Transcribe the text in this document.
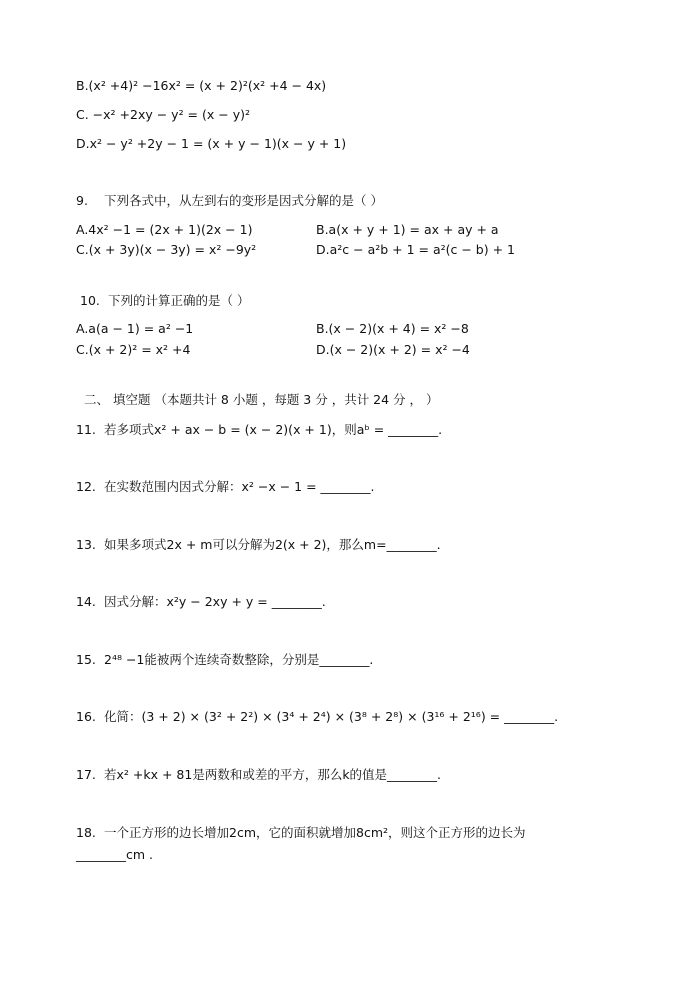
B.(x² +4)² −16x² = (x + 2)²(x² +4 − 4x)
C. −x² +2xy − y² = (x − y)²
D.x² − y² +2y − 1 = (x + y − 1)(x − y + 1)
9. 下列各式中，从左到右的变形是因式分解的是（ ）
A.4x² −1 = (2x + 1)(2x − 1)	B.a(x + y + 1) = ax + ay + a
C.(x + 3y)(x − 3y) = x² −9y²	D.a²c − a²b + 1 = a²(c − b) + 1
10. 下列的计算正确的是（ ）
A.a(a − 1) = a² −1	B.(x − 2)(x + 4) = x² −8
C.(x + 2)² = x² +4	D.(x − 2)(x + 2) = x² −4
二、 填空题 （本题共计 8 小题 ，每题 3 分 ，共计 24 分 ， ）
11. 若多项式x² + ax − b = (x − 2)(x + 1)，则aᵇ = ________.
12. 在实数范围内因式分解：x² −x − 1 = ________.
13. 如果多项式2x + m可以分解为2(x + 2)，那么m=________.
14. 因式分解：x²y − 2xy + y = ________.
15. 2⁴⁸ −1能被两个连续奇数整除，分别是________.
16. 化简：(3 + 2) × (3² + 2²) × (3⁴ + 2⁴) × (3⁸ + 2⁸) × (3¹⁶ + 2¹⁶) = ________.
17. 若x² +kx + 81是两数和或差的平方，那么k的值是________.
18. 一个正方形的边长增加2cm，它的面积就增加8cm²，则这个正方形的边长为
________cm .
